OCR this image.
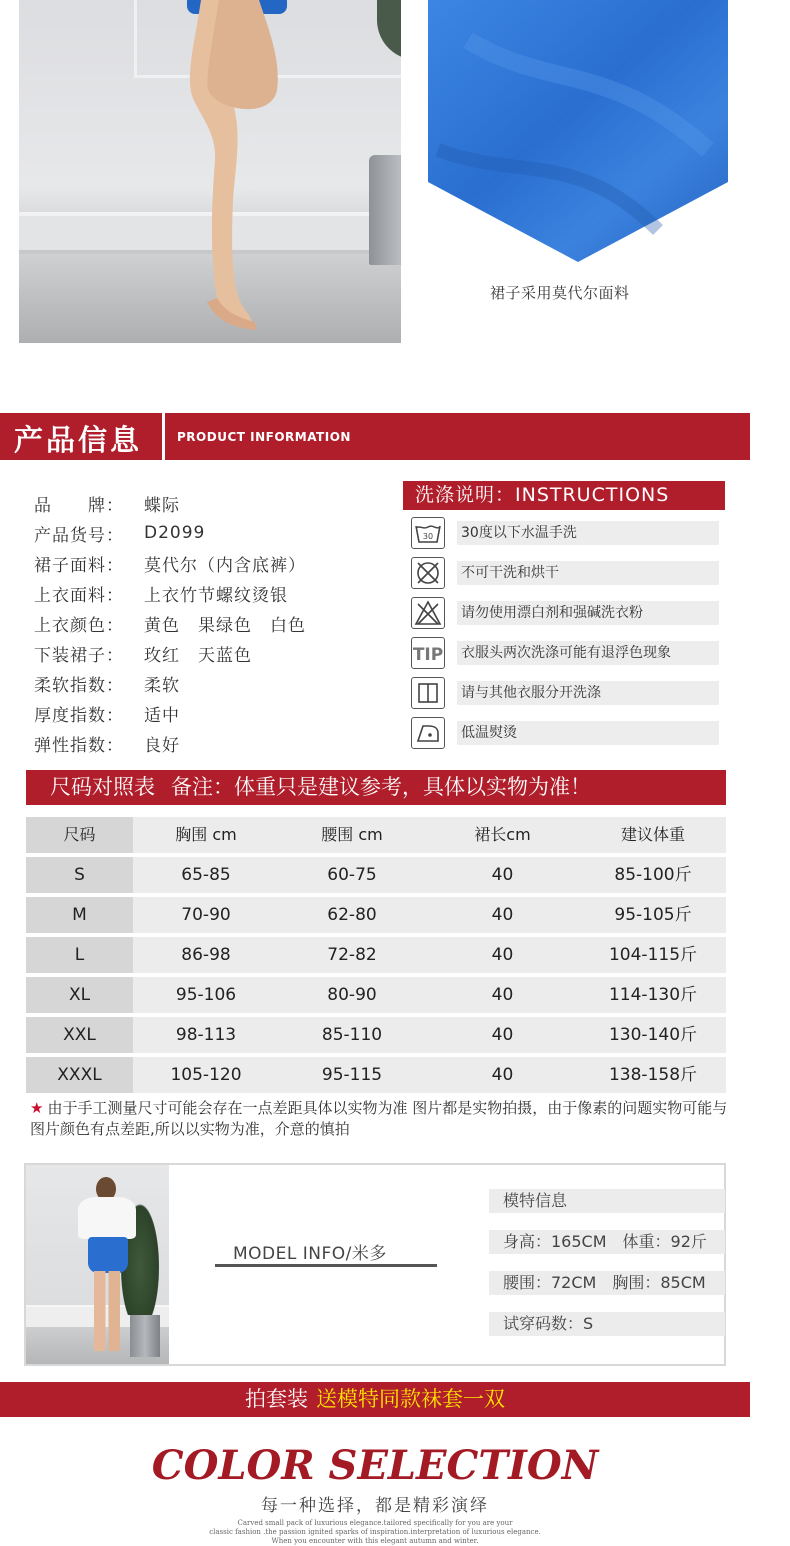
裙子采用莫代尔面料
产品信息	PRODUCT INFORMATION
品　　牌：	蝶际
产品货号：	D2099
裙子面料：	莫代尔（内含底裤）
上衣面料：	上衣竹节螺纹烫银
上衣颜色：	黄色　果绿色　白色
下装裙子：	玫红　天蓝色
柔软指数：	柔软
厚度指数：	适中
弹性指数：	良好
洗涤说明：INSTRUCTIONS
30 30度以下水温手洗
不可干洗和烘干
请勿使用漂白剂和强碱洗衣粉
TIP 衣服头两次洗涤可能有退浮色现象
请与其他衣服分开洗涤
低温熨烫
尺码对照表 备注：体重只是建议参考，具体以实物为准！
尺码	胸围 cm	腰围 cm	裙长cm	建议体重
S	65-85	60-75	40	85-100斤
M	70-90	62-80	40	95-105斤
L	86-98	72-82	40	104-115斤
XL	95-106	80-90	40	114-130斤
XXL	98-113	85-110	40	130-140斤
XXXL	105-120	95-115	40	138-158斤
★ 由于手工测量尺寸可能会存在一点差距具体以实物为准 图片都是实物拍摄，由于像素的问题实物可能与图片颜色有点差距,所以以实物为准，介意的慎拍
MODEL INFO/米多
模特信息
身高：165CM 体重：92斤
腰围：72CM 胸围：85CM
试穿码数：S
拍套装 送模特同款袜套一双
COLOR SELECTION
每一种选择，都是精彩演绎
Carved small pack of luxurious elegance.tailored specifically for you are your
classic fashion .the passion ignited sparks of inspiration.interpretation of luxurious elegance.
When you encounter with this elegant autumn and winter.
